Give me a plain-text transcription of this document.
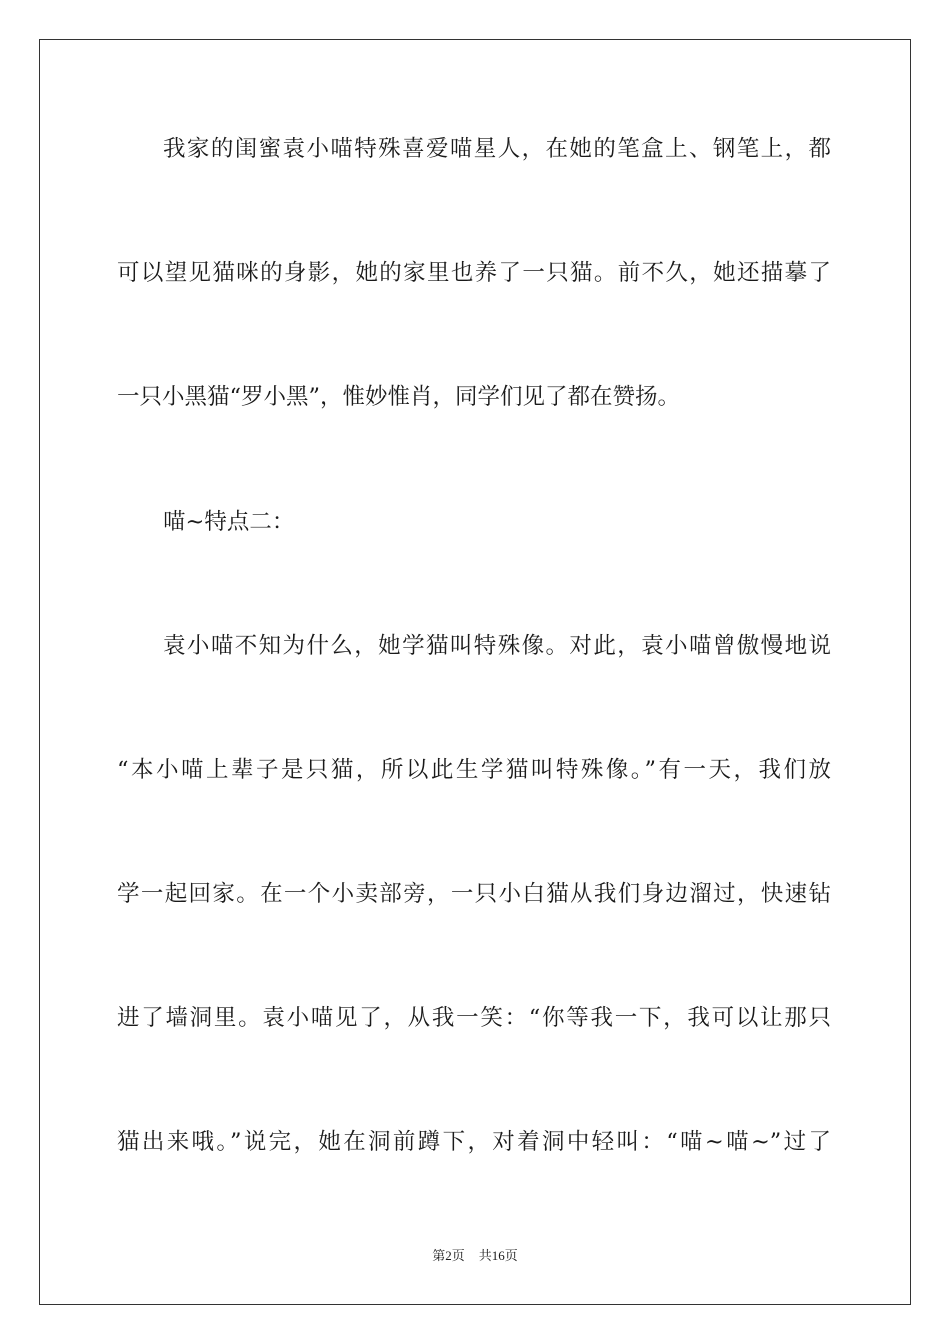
我家的闺蜜袁小喵特殊喜爱喵星人，在她的笔盒上、钢笔上，都
可以望见猫咪的身影，她的家里也养了一只猫。前不久，她还描摹了
一只小黑猫“罗小黑”，惟妙惟肖，同学们见了都在赞扬。
喵~特点二：
袁小喵不知为什么，她学猫叫特殊像。对此，袁小喵曾傲慢地说
“本小喵上辈子是只猫，所以此生学猫叫特殊像。”有一天，我们放
学一起回家。在一个小卖部旁，一只小白猫从我们身边溜过，快速钻
进了墙洞里。袁小喵见了，从我一笑：“你等我一下，我可以让那只
猫出来哦。”说完，她在洞前蹲下，对着洞中轻叫：“喵~喵~”过了
第2页 共16页
